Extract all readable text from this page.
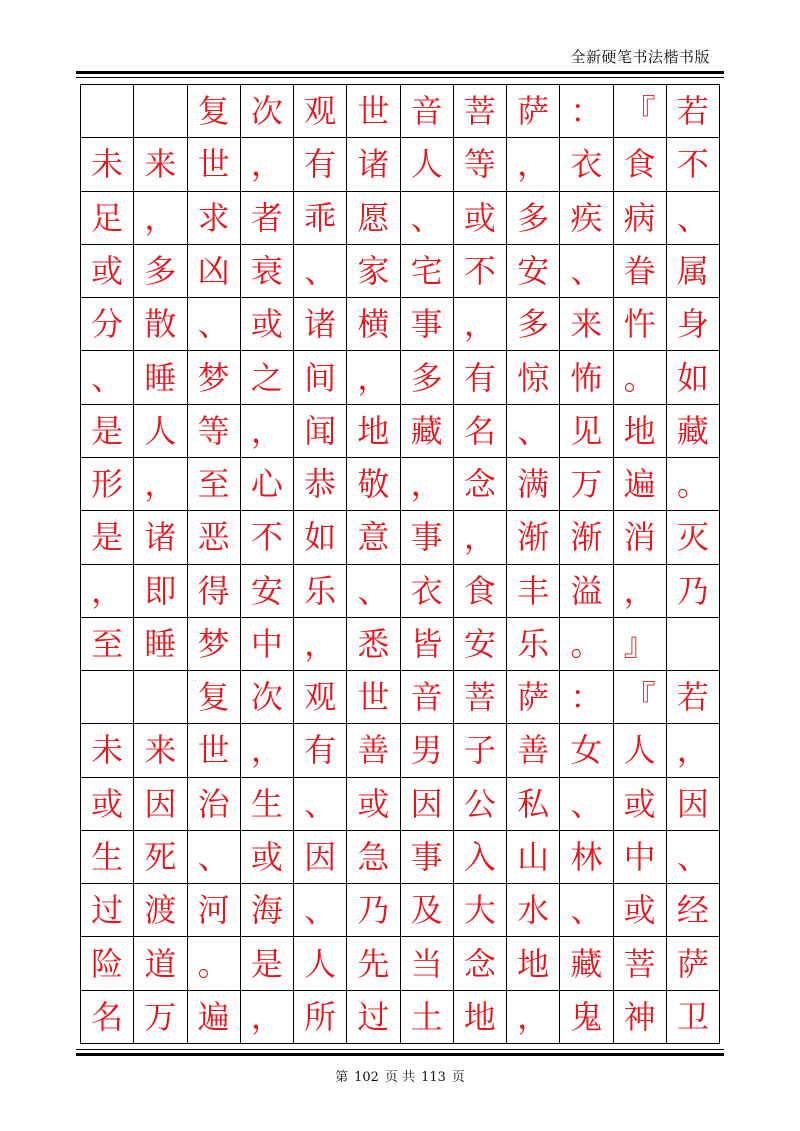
全新硬笔书法楷书版
复 次 观 世 音 菩 萨 ： 『 若
未 来 世 ， 有 诸 人 等 ， 衣 食 不
足 ， 求 者 乖 愿 、 或 多 疾 病 、
或 多 凶 衰 、 家 宅 不 安 、 眷 属
分 散 、 或 诸 横 事 ， 多 来 忤 身
、 睡 梦 之 间 ， 多 有 惊 怖 。 如
是 人 等 ， 闻 地 藏 名 、 见 地 藏
形 ， 至 心 恭 敬 ， 念 满 万 遍 。
是 诸 恶 不 如 意 事 ， 渐 渐 消 灭
， 即 得 安 乐 、 衣 食 丰 溢 ， 乃
至 睡 梦 中 ， 悉 皆 安 乐 。 』
复 次 观 世 音 菩 萨 ： 『 若
未 来 世 ， 有 善 男 子 善 女 人 ，
或 因 治 生 、 或 因 公 私 、 或 因
生 死 、 或 因 急 事 入 山 林 中 、
过 渡 河 海 、 乃 及 大 水 、 或 经
险 道 。 是 人 先 当 念 地 藏 菩 萨
名 万 遍 ， 所 过 土 地 ， 鬼 神 卫
第 102 页 共 113 页
